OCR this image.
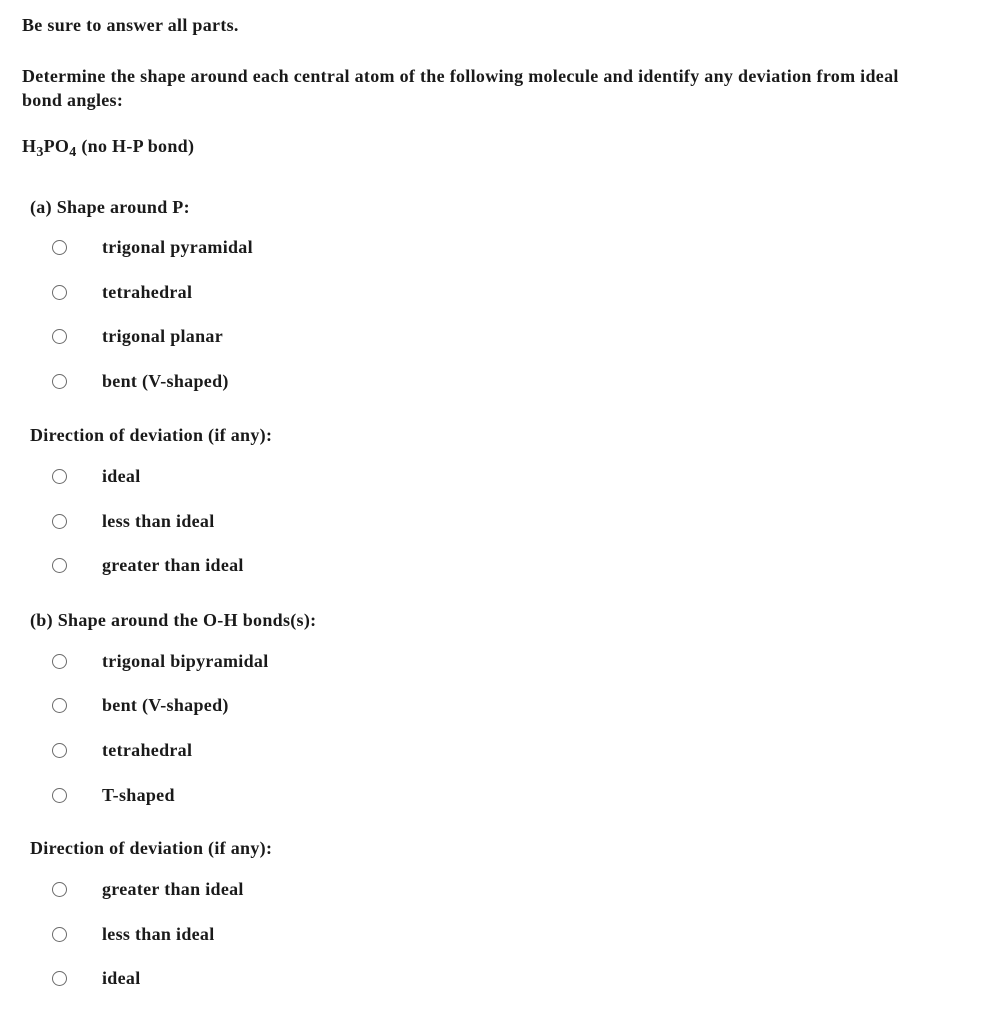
Be sure to answer all parts.
Determine the shape around each central atom of the following molecule and identify any deviation from ideal bond angles:
$H_3PO_4$ (no H-P bond)
(a) Shape around P:
trigonal pyramidal
tetrahedral
trigonal planar
bent (V-shaped)
Direction of deviation (if any):
ideal
less than ideal
greater than ideal
(b) Shape around the O-H bonds(s):
trigonal bipyramidal
bent (V-shaped)
tetrahedral
T-shaped
Direction of deviation (if any):
greater than ideal
less than ideal
ideal
